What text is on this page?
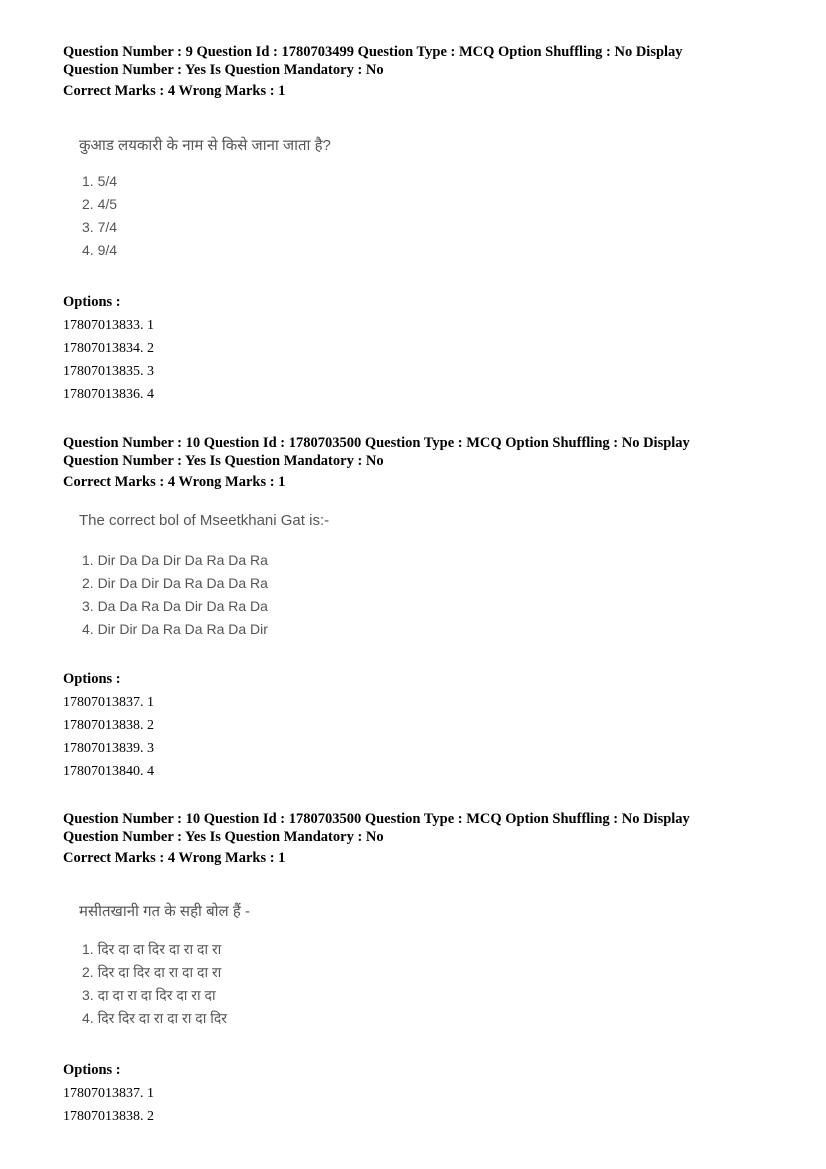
Question Number : 9 Question Id : 1780703499 Question Type : MCQ Option Shuffling : No Display
Question Number : Yes Is Question Mandatory : No
Correct Marks : 4 Wrong Marks : 1
कुआड लयकारी के नाम से किसे जाना जाता है?
1. 5/4
2. 4/5
3. 7/4
4. 9/4
Options :
17807013833. 1
17807013834. 2
17807013835. 3
17807013836. 4
Question Number : 10 Question Id : 1780703500 Question Type : MCQ Option Shuffling : No Display
Question Number : Yes Is Question Mandatory : No
Correct Marks : 4 Wrong Marks : 1
The correct bol of Mseetkhani Gat is:-
1. Dir Da Da Dir Da Ra Da Ra
2. Dir Da Dir Da Ra Da Da Ra
3. Da Da Ra Da Dir Da Ra Da
4. Dir Dir Da Ra Da Ra Da Dir
Options :
17807013837. 1
17807013838. 2
17807013839. 3
17807013840. 4
Question Number : 10 Question Id : 1780703500 Question Type : MCQ Option Shuffling : No Display
Question Number : Yes Is Question Mandatory : No
Correct Marks : 4 Wrong Marks : 1
मसीतखानी गत के सही बोल हैं -
1. दिर दा दा दिर दा रा दा रा
2. दिर दा दिर दा रा दा दा रा
3. दा दा रा दा दिर दा रा दा
4. दिर दिर दा रा दा रा दा दिर
Options :
17807013837. 1
17807013838. 2
